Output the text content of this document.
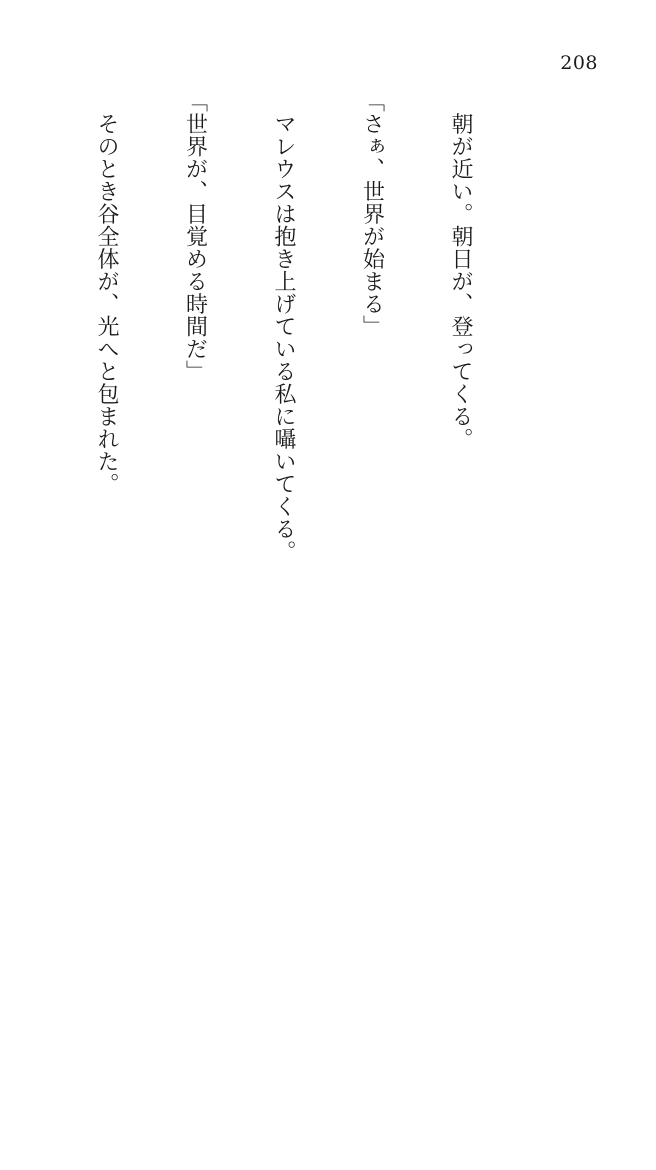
208

　朝が近い。朝日が、登ってくる。

「さぁ、世界が始まる」

　マレウスは抱き上げている私に囁いてくる。

「世界が、目覚める時間だ」

　そのとき谷全体が、光へと包まれた。
